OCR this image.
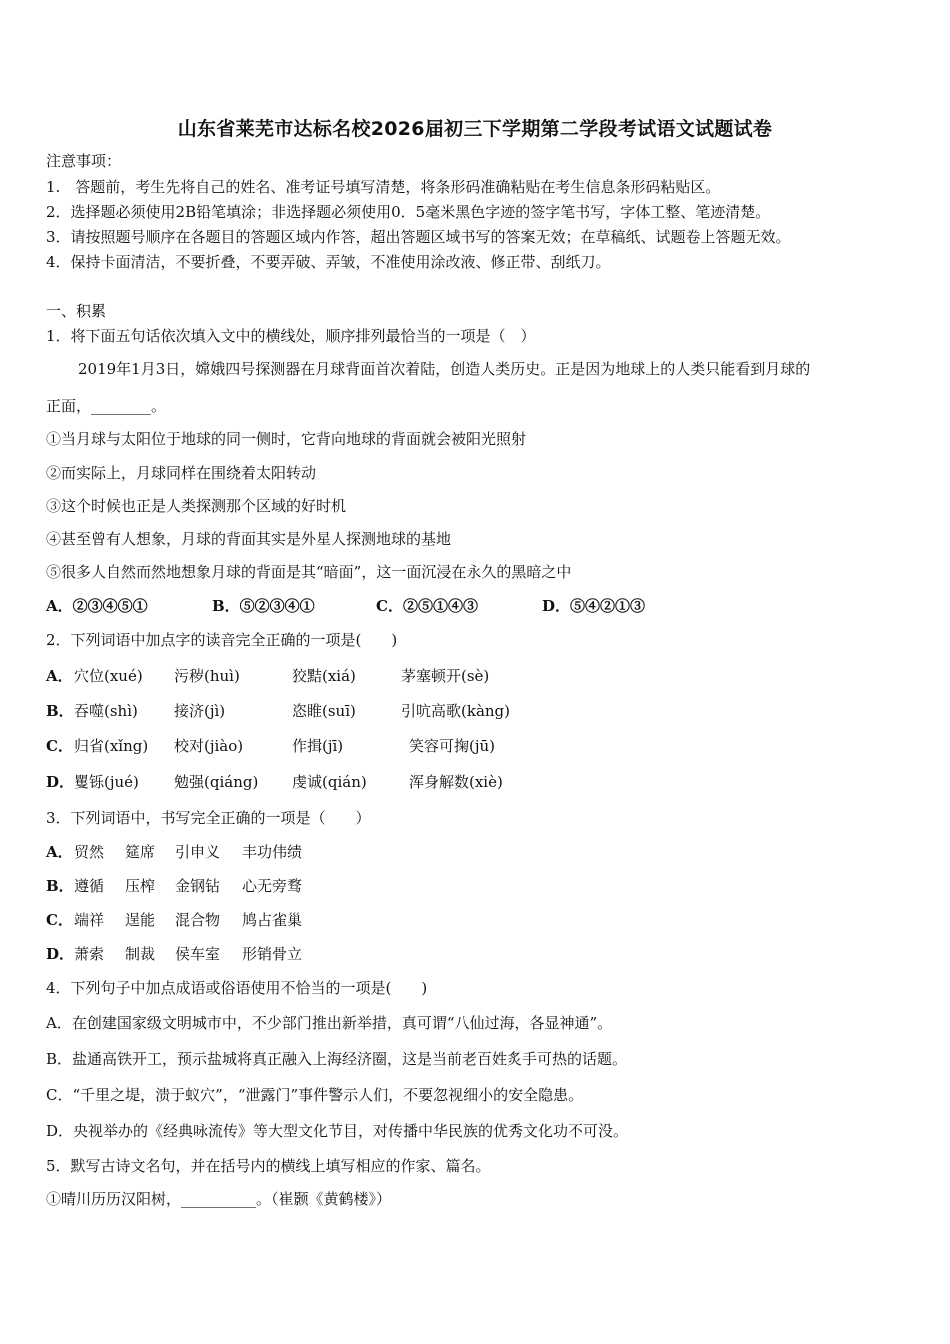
山东省莱芜市达标名校2026届初三下学期第二学段考试语文试题试卷
注意事项：
1.　答题前，考生先将自己的姓名、准考证号填写清楚，将条形码准确粘贴在考生信息条形码粘贴区。
2．选择题必须使用2B铅笔填涂；非选择题必须使用0．5毫米黑色字迹的签字笔书写，字体工整、笔迹清楚。
3．请按照题号顺序在各题目的答题区域内作答，超出答题区域书写的答案无效；在草稿纸、试题卷上答题无效。
4．保持卡面清洁，不要折叠，不要弄破、弄皱，不准使用涂改液、修正带、刮纸刀。
一、积累
1．将下面五句话依次填入文中的横线处，顺序排列最恰当的一项是（　）
2019年1月3日，嫦娥四号探测器在月球背面首次着陆，创造人类历史。正是因为地球上的人类只能看到月球的
正面，________。
①当月球与太阳位于地球的同一侧时，它背向地球的背面就会被阳光照射
②而实际上，月球同样在围绕着太阳转动
③这个时候也正是人类探测那个区域的好时机
④甚至曾有人想象，月球的背面其实是外星人探测地球的基地
⑤很多人自然而然地想象月球的背面是其“暗面”，这一面沉浸在永久的黑暗之中
A．②③④⑤①	B．⑤②③④①	C．②⑤①④③	D．⑤④②①③
2．下列词语中加点字的读音完全正确的一项是(　　)
A． 穴位(xué) 污秽(huì)	狡黠(xiá)	茅塞顿开(sè)
B． 吞噬(shì) 接济(jì)	恣睢(suī)	引吭高歌(kàng)
C． 归省(xǐng) 校对(jiào)	作揖(jī)	笑容可掬(jū)
D． 矍铄(jué) 勉强(qiáng) 虔诚(qián)	浑身解数(xiè)
3．下列词语中，书写完全正确的一项是（　　）
A． 贸然 筵席 引申义 丰功伟绩
B． 遵循 压榨 金钢钻 心无旁骛
C． 端祥 逞能 混合物 鸠占雀巢
D． 萧索 制裁 侯车室 形销骨立
4．下列句子中加点成语或俗语使用不恰当的一项是(　　)
A．在创建国家级文明城市中，不少部门推出新举措，真可谓“八仙过海，各显神通”。
B．盐通高铁开工，预示盐城将真正融入上海经济圈，这是当前老百姓炙手可热的话题。
C．“千里之堤，溃于蚁穴”，“泄露门”事件警示人们，不要忽视细小的安全隐患。
D．央视举办的《经典咏流传》等大型文化节目，对传播中华民族的优秀文化功不可没。
5．默写古诗文名句，并在括号内的横线上填写相应的作家、篇名。
①晴川历历汉阳树，__________。（崔颢《黄鹤楼》）
